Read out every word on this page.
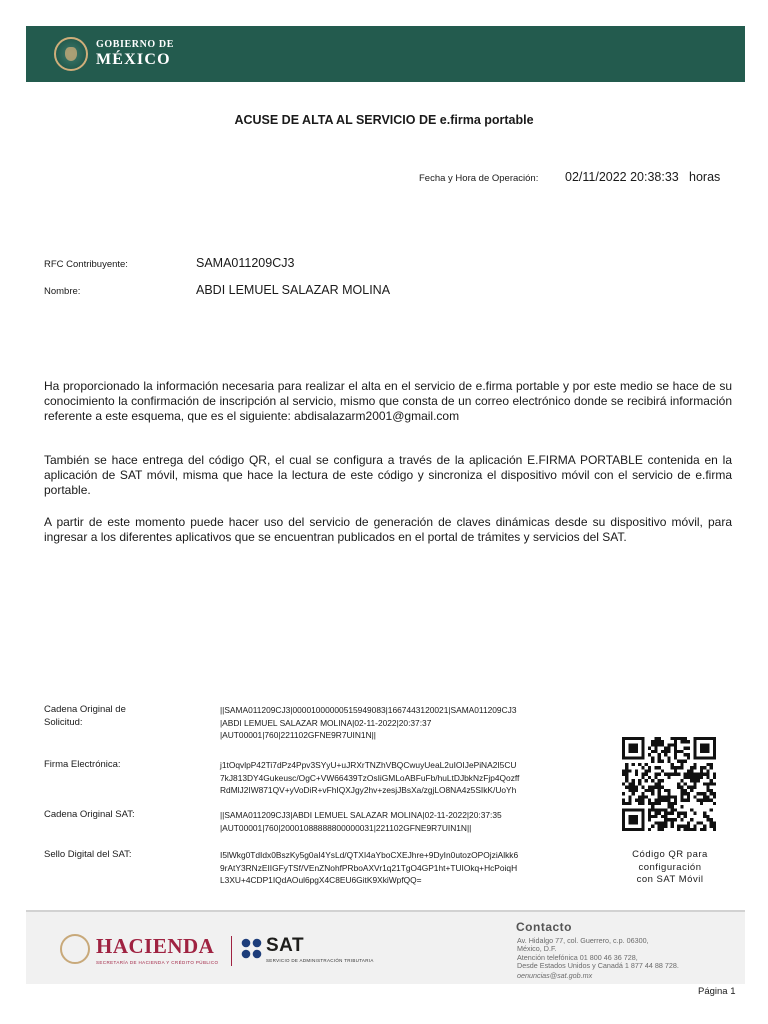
GOBIERNO DE
MÉXICO
ACUSE DE ALTA AL SERVICIO DE e.firma portable
Fecha y Hora de Operación: 02/11/2022 20:38:33 horas
RFC Contribuyente:	SAMA011209CJ3
Nombre:	ABDI LEMUEL SALAZAR MOLINA

Ha proporcionado la información necesaria para realizar el alta en el servicio de e.firma portable y por este medio se hace de su conocimiento la confirmación de inscripción al servicio, mismo que consta de un correo electrónico donde se recibirá información referente a este esquema, que es el siguiente: abdisalazarm2001@gmail.com

También se hace entrega del código QR, el cual se configura a través de la aplicación E.FIRMA PORTABLE contenida en la aplicación de SAT móvil, misma que hace la lectura de este código y sincroniza el dispositivo móvil con el servicio de e.firma portable.

A partir de este momento puede hacer uso del servicio de generación de claves dinámicas desde su dispositivo móvil, para ingresar a los diferentes aplicativos que se encuentran publicados en el portal de trámites y servicios del SAT.

Cadena Original de
Solicitud:
||SAMA011209CJ3|00001000000515949083|1667443120021|SAMA011209CJ3
|ABDI LEMUEL SALAZAR MOLINA|02-11-2022|20:37:37
|AUT00001|760|221102GFNE9R7UIN1N||
Firma Electrónica:	j1tOqvlpP42Ti7dPz4Ppv3SYyU+uJRXrTNZhVBQCwuyUeaL2uIOIJePiNA2I5CU
7kJ813DY4Gukeusc/OgC+VW66439TzOsIiGMLoABFuFb/huLtDJbkNzFjp4Qozff
RdMlJ2IW871QV+yVoDiR+vFhIQXJgy2hv+zesjJBsXa/zgjLO8NA4z5SIkK/UoYh
Cadena Original SAT:	||SAMA011209CJ3|ABDI LEMUEL SALAZAR MOLINA|02-11-2022|20:37:35
|AUT00001|760|20001088888800000031|221102GFNE9R7UIN1N||
Sello Digital del SAT:	I5lWkg0TdIdx0BszKy5g0aI4YsLd/QTXI4aYboCXEJhre+9DyIn0utozOPOjziAlkk6
9rAtY3RNzEIIGFyTSf/VEnZNohfPRboAXVr1q21TgO4GP1ht+TUIOkq+HcPoiqH
L3XU+4CDP1IQdAOul6pgX4C8EU6GitK9XkiWpfQQ=
Código QR para
configuración
con SAT Móvil
HACIENDA
SECRETARÍA DE HACIENDA Y CRÉDITO PÚBLICO
SAT
SERVICIO DE ADMINISTRACIÓN TRIBUTARIA
Contacto
Av. Hidalgo 77, col. Guerrero, c.p. 06300,
México, D.F.
Atención telefónica 01 800 46 36 728,
Desde Estados Unidos y Canadá 1 877 44 88 728.
oenuncias@sat.gob.mx
Página 1
